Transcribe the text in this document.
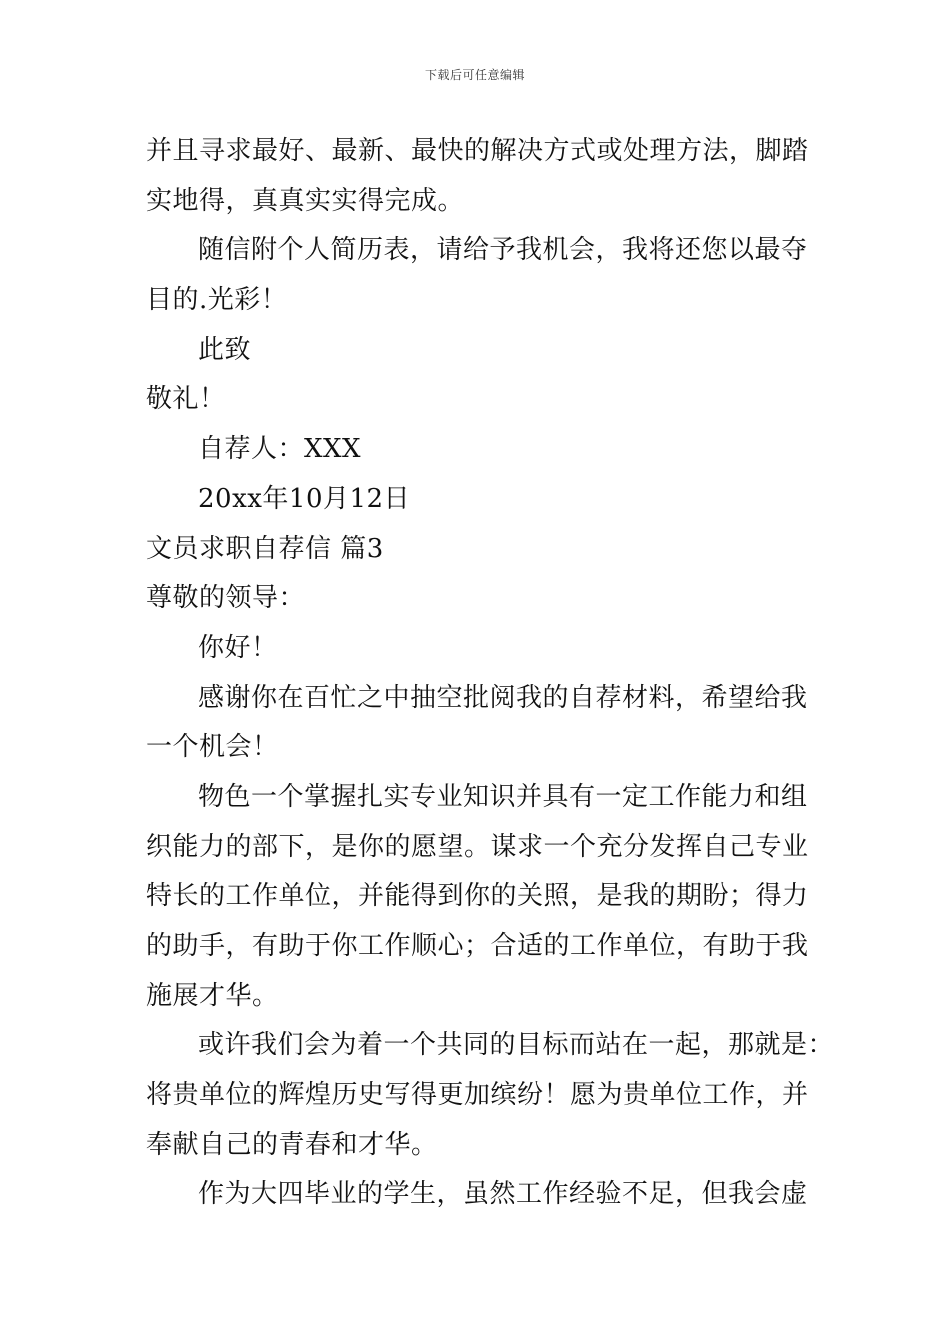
下载后可任意编辑
并且寻求最好、最新、最快的解决方式或处理方法，脚踏
实地得，真真实实得完成。
随信附个人简历表，请给予我机会，我将还您以最夺
目的.光彩！
此致
敬礼！
自荐人：XXX
20xx年10月12日
文员求职自荐信 篇3
尊敬的领导：
你好！
感谢你在百忙之中抽空批阅我的自荐材料，希望给我
一个机会！
物色一个掌握扎实专业知识并具有一定工作能力和组
织能力的部下，是你的愿望。谋求一个充分发挥自己专业
特长的工作单位，并能得到你的关照，是我的期盼；得力
的助手，有助于你工作顺心；合适的工作单位，有助于我
施展才华。
或许我们会为着一个共同的目标而站在一起，那就是：
将贵单位的辉煌历史写得更加缤纷！愿为贵单位工作，并
奉献自己的青春和才华。
作为大四毕业的学生，虽然工作经验不足，但我会虚
